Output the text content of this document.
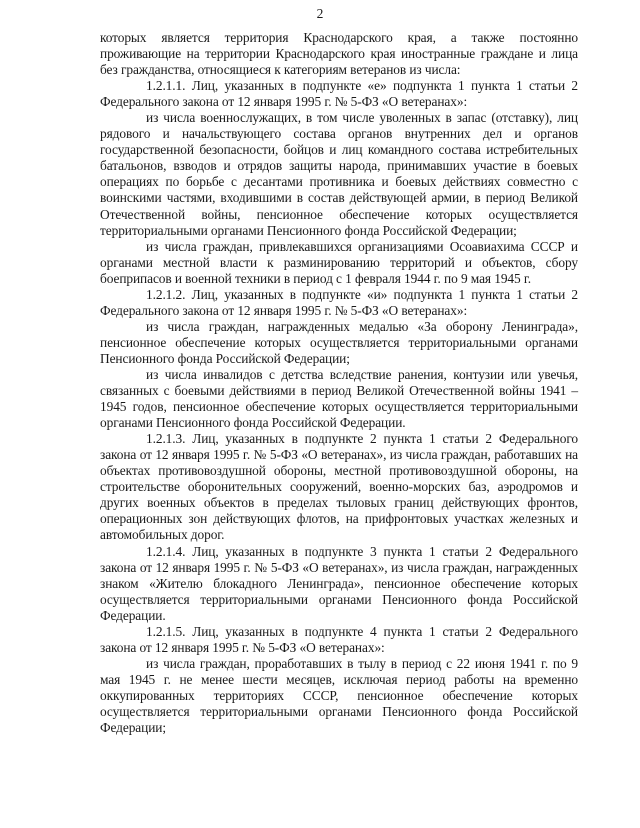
2

которых является территория Краснодарского края, а также постоянно проживающие на территории Краснодарского края иностранные граждане и лица без гражданства, относящиеся к категориям ветеранов из числа:

1.2.1.1. Лиц, указанных в подпункте «е» подпункта 1 пункта 1 статьи 2 Федерального закона от 12 января 1995 г. № 5-ФЗ «О ветеранах»:

из числа военнослужащих, в том числе уволенных в запас (отставку), лиц рядового и начальствующего состава органов внутренних дел и органов государственной безопасности, бойцов и лиц командного состава истребительных батальонов, взводов и отрядов защиты народа, принимавших участие в боевых операциях по борьбе с десантами противника и боевых действиях совместно с воинскими частями, входившими в состав действующей армии, в период Великой Отечественной войны, пенсионное обеспечение которых осуществляется территориальными органами Пенсионного фонда Российской Федерации;

из числа граждан, привлекавшихся организациями Осоавиахима СССР и органами местной власти к разминированию территорий и объектов, сбору боеприпасов и военной техники в период с 1 февраля 1944 г. по 9 мая 1945 г.

1.2.1.2. Лиц, указанных в подпункте «и» подпункта 1 пункта 1 статьи 2 Федерального закона от 12 января 1995 г. № 5-ФЗ «О ветеранах»:

из числа граждан, награжденных медалью «За оборону Ленинграда», пенсионное обеспечение которых осуществляется территориальными органами Пенсионного фонда Российской Федерации;

из числа инвалидов с детства вследствие ранения, контузии или увечья, связанных с боевыми действиями в период Великой Отечественной войны 1941 – 1945 годов, пенсионное обеспечение которых осуществляется территориальными органами Пенсионного фонда Российской Федерации.

1.2.1.3. Лиц, указанных в подпункте 2 пункта 1 статьи 2 Федерального закона от 12 января 1995 г. № 5-ФЗ «О ветеранах», из числа граждан, работавших на объектах противовоздушной обороны, местной противовоздушной обороны, на строительстве оборонительных сооружений, военно-морских баз, аэродромов и других военных объектов в пределах тыловых границ действующих фронтов, операционных зон действующих флотов, на прифронтовых участках железных и автомобильных дорог.

1.2.1.4. Лиц, указанных в подпункте 3 пункта 1 статьи 2 Федерального закона от 12 января 1995 г. № 5-ФЗ «О ветеранах», из числа граждан, награжденных знаком «Жителю блокадного Ленинграда», пенсионное обеспечение которых осуществляется территориальными органами Пенсионного фонда Российской Федерации.

1.2.1.5. Лиц, указанных в подпункте 4 пункта 1 статьи 2 Федерального закона от 12 января 1995 г. № 5-ФЗ «О ветеранах»:

из числа граждан, проработавших в тылу в период с 22 июня 1941 г. по 9 мая 1945 г. не менее шести месяцев, исключая период работы на временно оккупированных территориях СССР, пенсионное обеспечение которых осуществляется территориальными органами Пенсионного фонда Российской Федерации;
